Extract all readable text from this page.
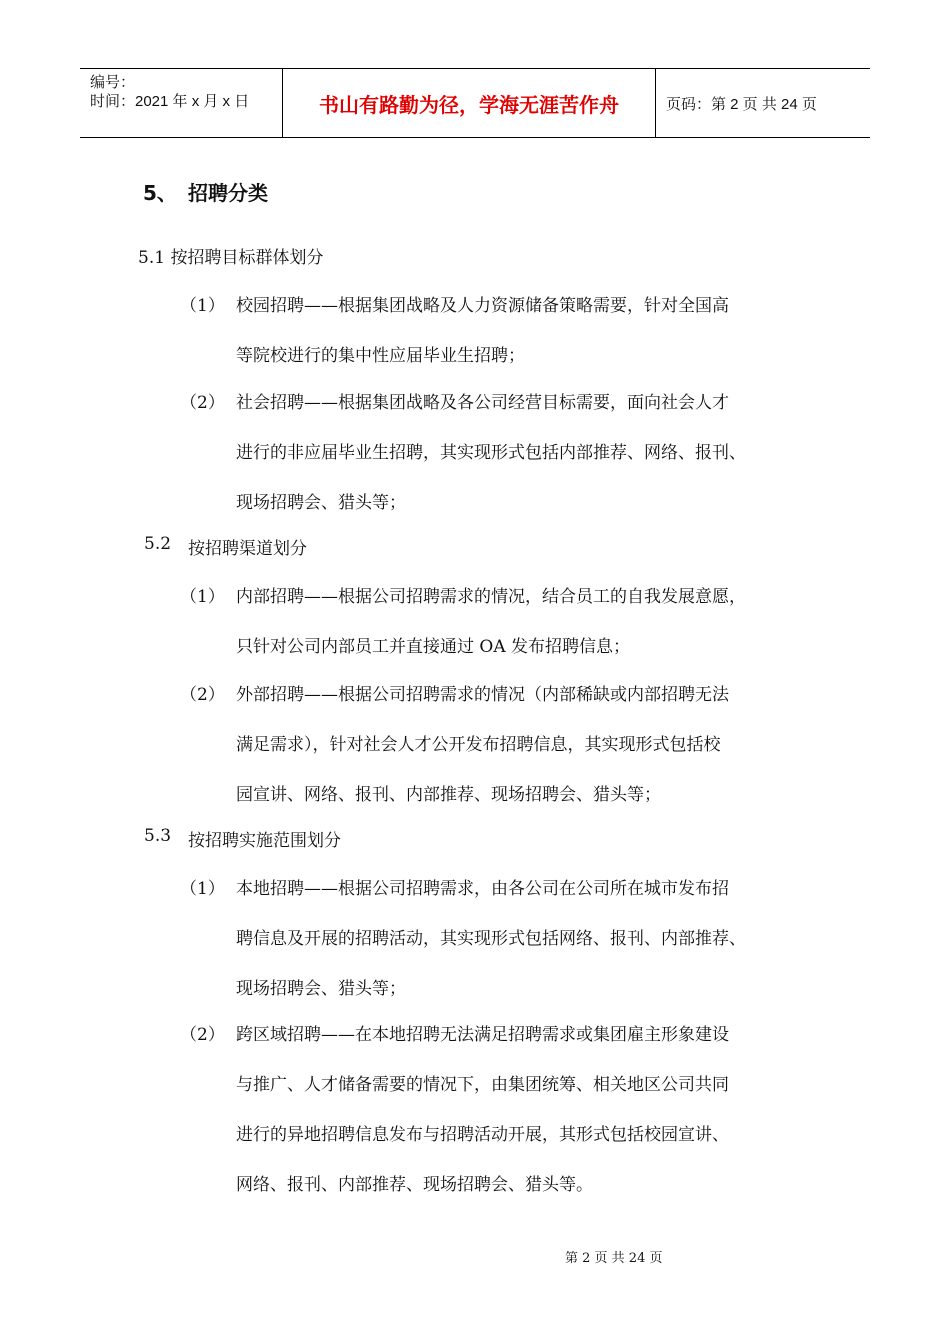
编号：
时间：2021 年 x 月 x 日	书山有路勤为径，学海无涯苦作舟	页码：第 2 页 共 24 页
5、 招聘分类
5.1 按招聘目标群体划分
（1） 校园招聘——根据集团战略及人力资源储备策略需要，针对全国高
等院校进行的集中性应届毕业生招聘；
（2） 社会招聘——根据集团战略及各公司经营目标需要，面向社会人才
进行的非应届毕业生招聘，其实现形式包括内部推荐、网络、报刊、
现场招聘会、猎头等；
5.2 按招聘渠道划分
（1） 内部招聘——根据公司招聘需求的情况，结合员工的自我发展意愿，
只针对公司内部员工并直接通过 OA 发布招聘信息；
（2） 外部招聘——根据公司招聘需求的情况（内部稀缺或内部招聘无法
满足需求），针对社会人才公开发布招聘信息，其实现形式包括校
园宣讲、网络、报刊、内部推荐、现场招聘会、猎头等；
5.3 按招聘实施范围划分
（1） 本地招聘——根据公司招聘需求，由各公司在公司所在城市发布招
聘信息及开展的招聘活动，其实现形式包括网络、报刊、内部推荐、
现场招聘会、猎头等；
（2） 跨区域招聘——在本地招聘无法满足招聘需求或集团雇主形象建设
与推广、人才储备需要的情况下，由集团统筹、相关地区公司共同
进行的异地招聘信息发布与招聘活动开展，其形式包括校园宣讲、
网络、报刊、内部推荐、现场招聘会、猎头等。
第 2 页 共 24 页
